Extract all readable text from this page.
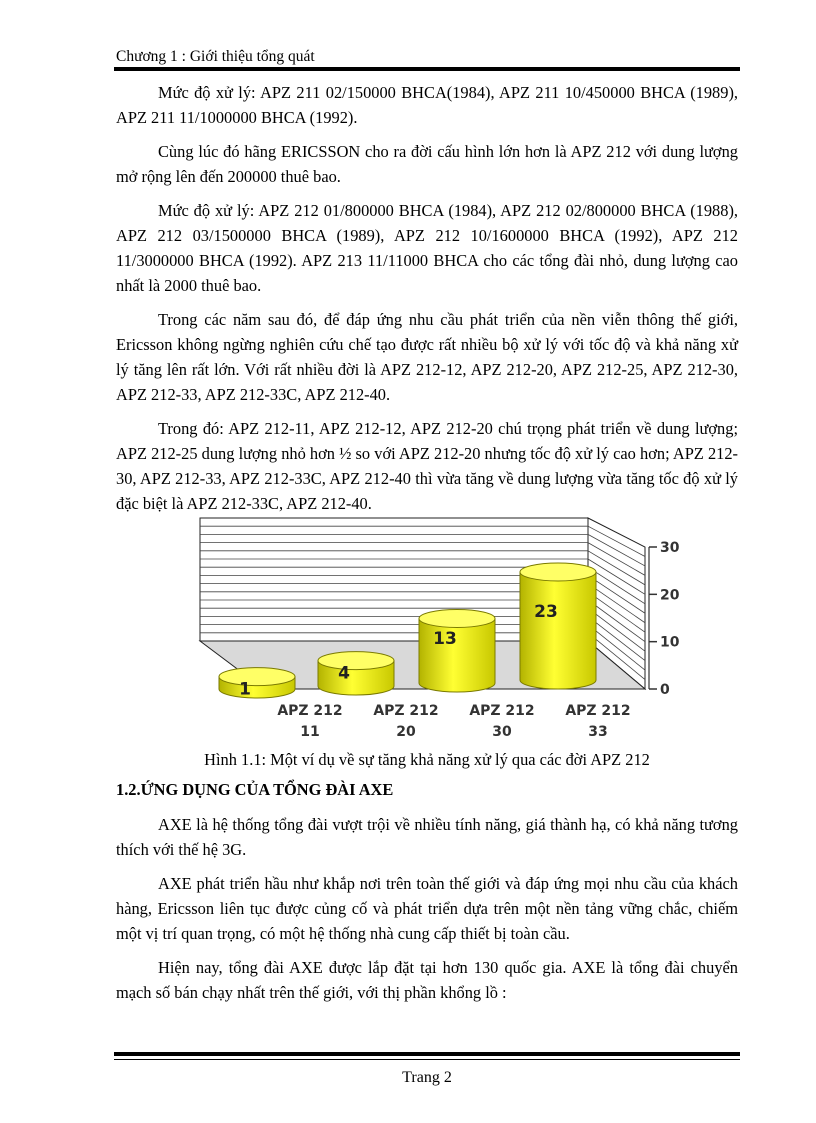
Chương 1 : Giới thiệu tổng quát

Mức độ xử lý: APZ 211 02/150000 BHCA(1984), APZ 211 10/450000 BHCA (1989), APZ 211 11/1000000 BHCA (1992).

Cùng lúc đó hãng ERICSSON cho ra đời cấu hình lớn hơn là APZ 212 với dung lượng mở rộng lên đến 200000 thuê bao.

Mức độ xử lý: APZ 212 01/800000 BHCA (1984), APZ 212 02/800000 BHCA (1988), APZ 212 03/1500000 BHCA (1989), APZ 212 10/1600000 BHCA (1992), APZ 212 11/3000000 BHCA (1992). APZ 213 11/11000 BHCA cho các tổng đài nhỏ, dung lượng cao nhất là 2000 thuê bao.

Trong các năm sau đó, để đáp ứng nhu cầu phát triển của nền viễn thông thế giới, Ericsson không ngừng nghiên cứu chế tạo được rất nhiều bộ xử lý với tốc độ và khả năng xử lý tăng lên rất lớn. Với rất nhiều đời là APZ 212-12, APZ 212-20, APZ 212-25, APZ 212-30, APZ 212-33, APZ 212-33C, APZ 212-40.

Trong đó: APZ 212-11, APZ 212-12, APZ 212-20 chú trọng phát triển về dung lượng; APZ 212-25 dung lượng nhỏ hơn ½ so với APZ 212-20 nhưng tốc độ xử lý cao hơn; APZ 212-30, APZ 212-33, APZ 212-33C, APZ 212-40 thì vừa tăng về dung lượng vừa tăng tốc độ xử lý đặc biệt là APZ 212-33C, APZ 212-40.

1
4
13
23
0
10
20
30
APZ 212
11
APZ 212
20
APZ 212
30
APZ 212
33
Hình 1.1: Một ví dụ về sự tăng khả năng xử lý qua các đời APZ 212
1.2.ỨNG DỤNG CỦA TỔNG ĐÀI AXE

AXE là hệ thống tổng đài vượt trội về nhiều tính năng, giá thành hạ, có khả năng tương thích với thế hệ 3G.

AXE phát triển hầu như khắp nơi trên toàn thế giới và đáp ứng mọi nhu cầu của khách hàng, Ericsson liên tục được củng cố và phát triển dựa trên một nền tảng vững chắc, chiếm một vị trí quan trọng, có một hệ thống nhà cung cấp thiết bị toàn cầu.

Hiện nay, tổng đài AXE được lắp đặt tại hơn 130 quốc gia. AXE là tổng đài chuyển mạch số bán chạy nhất trên thế giới, với thị phần khổng lồ :

Trang 2
